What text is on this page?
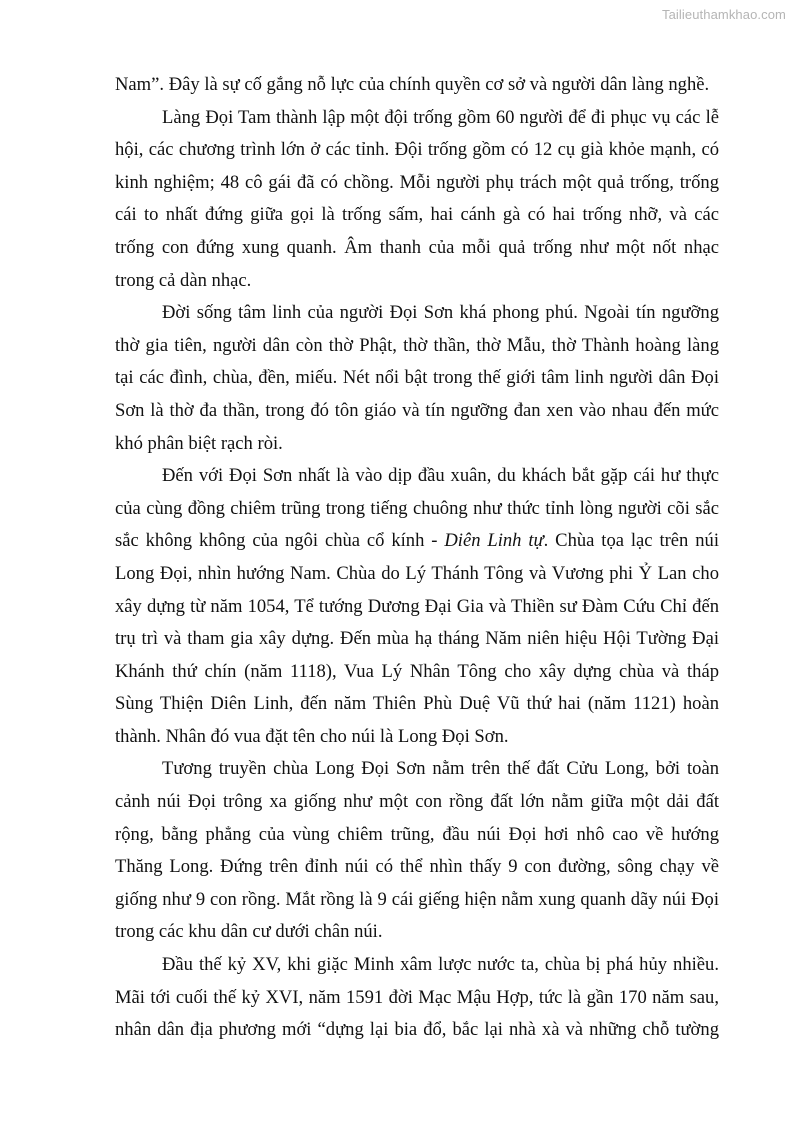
Tailieuthamkhao.com
Nam”. Đây là sự cố gắng nỗ lực của chính quyền cơ sở và người dân làng nghề.
Làng Đọi Tam thành lập một đội trống gồm 60 người để đi phục vụ các lễ
hội, các chương trình lớn ở các tỉnh. Đội trống gồm có 12 cụ già khỏe mạnh, có
kinh nghiệm; 48 cô gái đã có chồng. Mỗi người phụ trách một quả trống, trống
cái to nhất đứng giữa gọi là trống sấm, hai cánh gà có hai trống nhỡ, và các
trống con đứng xung quanh. Âm thanh của mỗi quả trống như một nốt nhạc
trong cả dàn nhạc.
Đời sống tâm linh của người Đọi Sơn khá phong phú. Ngoài tín ngưỡng
thờ gia tiên, người dân còn thờ Phật, thờ thần, thờ Mẫu, thờ Thành hoàng làng
tại các đình, chùa, đền, miếu. Nét nổi bật trong thế giới tâm linh người dân Đọi
Sơn là thờ đa thần, trong đó tôn giáo và tín ngưỡng đan xen vào nhau đến mức
khó phân biệt rạch ròi.
Đến với Đọi Sơn nhất là vào dịp đầu xuân, du khách bắt gặp cái hư thực
của cùng đồng chiêm trũng trong tiếng chuông như thức tỉnh lòng người cõi sắc
sắc không không của ngôi chùa cổ kính - Diên Linh tự. Chùa tọa lạc trên núi
Long Đọi, nhìn hướng Nam. Chùa do Lý Thánh Tông và Vương phi Ỷ Lan cho
xây dựng từ năm 1054, Tể tướng Dương Đại Gia và Thiền sư Đàm Cứu Chỉ đến
trụ trì và tham gia xây dựng. Đến mùa hạ tháng Năm niên hiệu Hội Tường Đại
Khánh thứ chín (năm 1118), Vua Lý Nhân Tông cho xây dựng chùa và tháp
Sùng Thiện Diên Linh, đến năm Thiên Phù Duệ Vũ thứ hai (năm 1121) hoàn
thành. Nhân đó vua đặt tên cho núi là Long Đọi Sơn.
Tương truyền chùa Long Đọi Sơn nằm trên thế đất Cửu Long, bởi toàn
cảnh núi Đọi trông xa giống như một con rồng đất lớn nằm giữa một dải đất
rộng, bằng phẳng của vùng chiêm trũng, đầu núi Đọi hơi nhô cao về hướng
Thăng Long. Đứng trên đỉnh núi có thể nhìn thấy 9 con đường, sông chạy về
giống như 9 con rồng. Mắt rồng là 9 cái giếng hiện nằm xung quanh dãy núi Đọi
trong các khu dân cư dưới chân núi.
Đầu thế kỷ XV, khi giặc Minh xâm lược nước ta, chùa bị phá hủy nhiều.
Mãi tới cuối thế kỷ XVI, năm 1591 đời Mạc Mậu Hợp, tức là gần 170 năm sau,
nhân dân địa phương mới “dựng lại bia đổ, bắc lại nhà xà và những chỗ tường
